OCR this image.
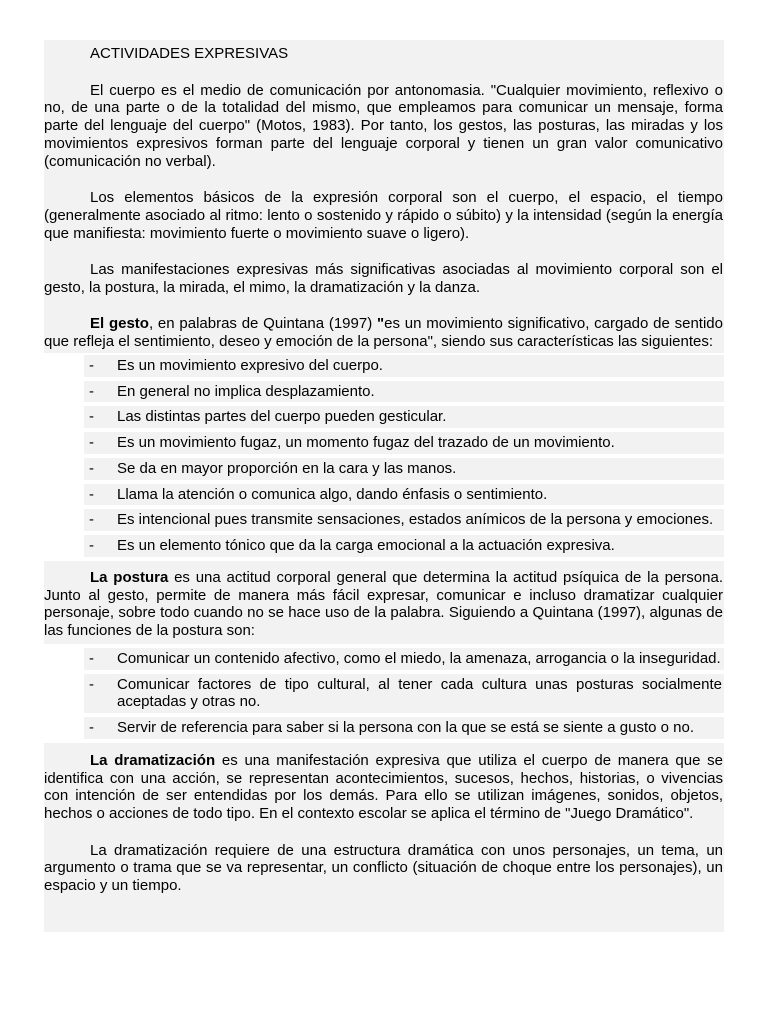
ACTIVIDADES EXPRESIVAS

El cuerpo es el medio de comunicación por antonomasia. "Cualquier movimiento, reflexivo o no, de una parte o de la totalidad del mismo, que empleamos para comunicar un mensaje, forma parte del lenguaje del cuerpo" (Motos, 1983). Por tanto, los gestos, las posturas, las miradas y los movimientos expresivos forman parte del lenguaje corporal y tienen un gran valor comunicativo (comunicación no verbal).

Los elementos básicos de la expresión corporal son el cuerpo, el espacio, el tiempo (generalmente asociado al ritmo: lento o sostenido y rápido o súbito) y la intensidad (según la energía que manifiesta: movimiento fuerte o movimiento suave o ligero).

Las manifestaciones expresivas más significativas asociadas al movimiento corporal son el gesto, la postura, la mirada, el mimo, la dramatización y la danza.

El gesto, en palabras de Quintana (1997) "es un movimiento significativo, cargado de sentido que refleja el sentimiento, deseo y emoción de la persona", siendo sus características las siguientes:

-	Es un movimiento expresivo del cuerpo.
-	En general no implica desplazamiento.
-	Las distintas partes del cuerpo pueden gesticular.
-	Es un movimiento fugaz, un momento fugaz del trazado de un movimiento.
-	Se da en mayor proporción en la cara y las manos.
-	Llama la atención o comunica algo, dando énfasis o sentimiento.
-	Es intencional pues transmite sensaciones, estados anímicos de la persona y emociones.
-	Es un elemento tónico que da la carga emocional a la actuación expresiva.

La postura es una actitud corporal general que determina la actitud psíquica de la persona. Junto al gesto, permite de manera más fácil expresar, comunicar e incluso dramatizar cualquier personaje, sobre todo cuando no se hace uso de la palabra. Siguiendo a Quintana (1997), algunas de las funciones de la postura son:

-	Comunicar un contenido afectivo, como el miedo, la amenaza, arrogancia o la inseguridad.
-	Comunicar factores de tipo cultural, al tener cada cultura unas posturas socialmente aceptadas y otras no.
-	Servir de referencia para saber si la persona con la que se está se siente a gusto o no.

La dramatización es una manifestación expresiva que utiliza el cuerpo de manera que se identifica con una acción, se representan acontecimientos, sucesos, hechos, historias, o vivencias con intención de ser entendidas por los demás. Para ello se utilizan imágenes, sonidos, objetos, hechos o acciones de todo tipo. En el contexto escolar se aplica el término de "Juego Dramático".

La dramatización requiere de una estructura dramática con unos personajes, un tema, un argumento o trama que se va representar, un conflicto (situación de choque entre los personajes), un espacio y un tiempo.
